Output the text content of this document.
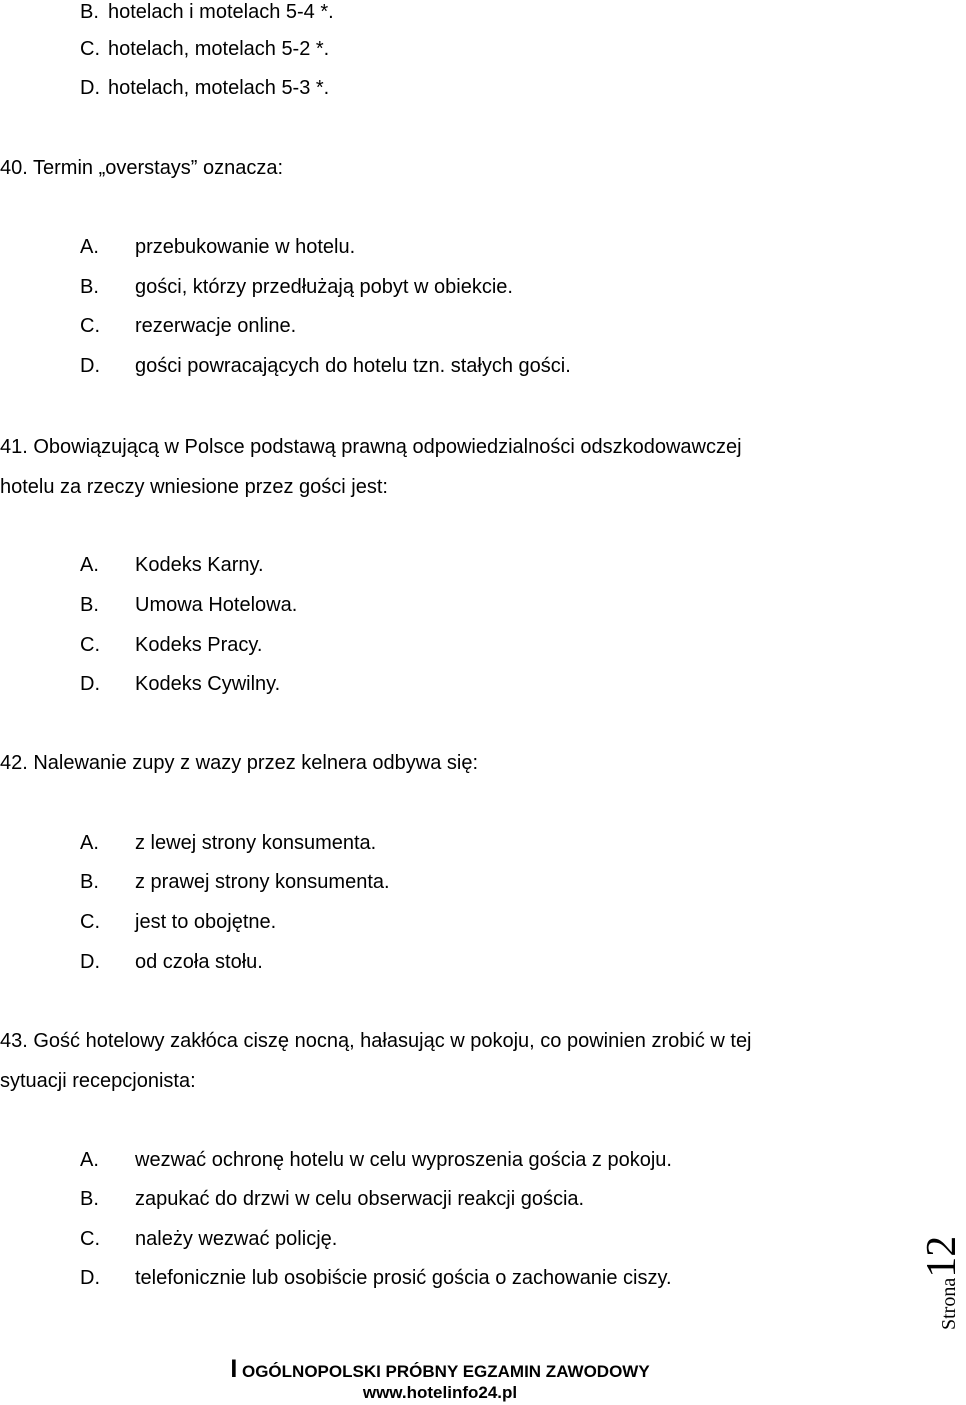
B. hotelach i motelach 5-4 *.
C. hotelach, motelach 5-2 *.
D. hotelach, motelach 5-3 *.
40. Termin „overstays” oznacza:
A. przebukowanie w hotelu.
B. gości, którzy przedłużają pobyt w obiekcie.
C. rezerwacje online.
D. gości powracających do hotelu tzn. stałych gości.
41. Obowiązującą w Polsce podstawą prawną odpowiedzialności odszkodowawczej
hotelu za rzeczy wniesione przez gości jest:
A. Kodeks Karny.
B. Umowa Hotelowa.
C. Kodeks Pracy.
D. Kodeks Cywilny.
42. Nalewanie zupy z wazy przez kelnera odbywa się:
A. z lewej strony konsumenta.
B. z prawej strony konsumenta.
C. jest to obojętne.
D. od czoła stołu.
43. Gość hotelowy zakłóca ciszę nocną, hałasując w pokoju, co powinien zrobić w tej
sytuacji recepcjonista:
A. wezwać ochronę hotelu w celu wyproszenia gościa z pokoju.
B. zapukać do drzwi w celu obserwacji reakcji gościa.
C. należy wezwać policję.
D. telefonicznie lub osobiście prosić gościa o zachowanie ciszy.	Strona12
I OGÓLNOPOLSKI PRÓBNY EGZAMIN ZAWODOWY
www.hotelinfo24.pl
